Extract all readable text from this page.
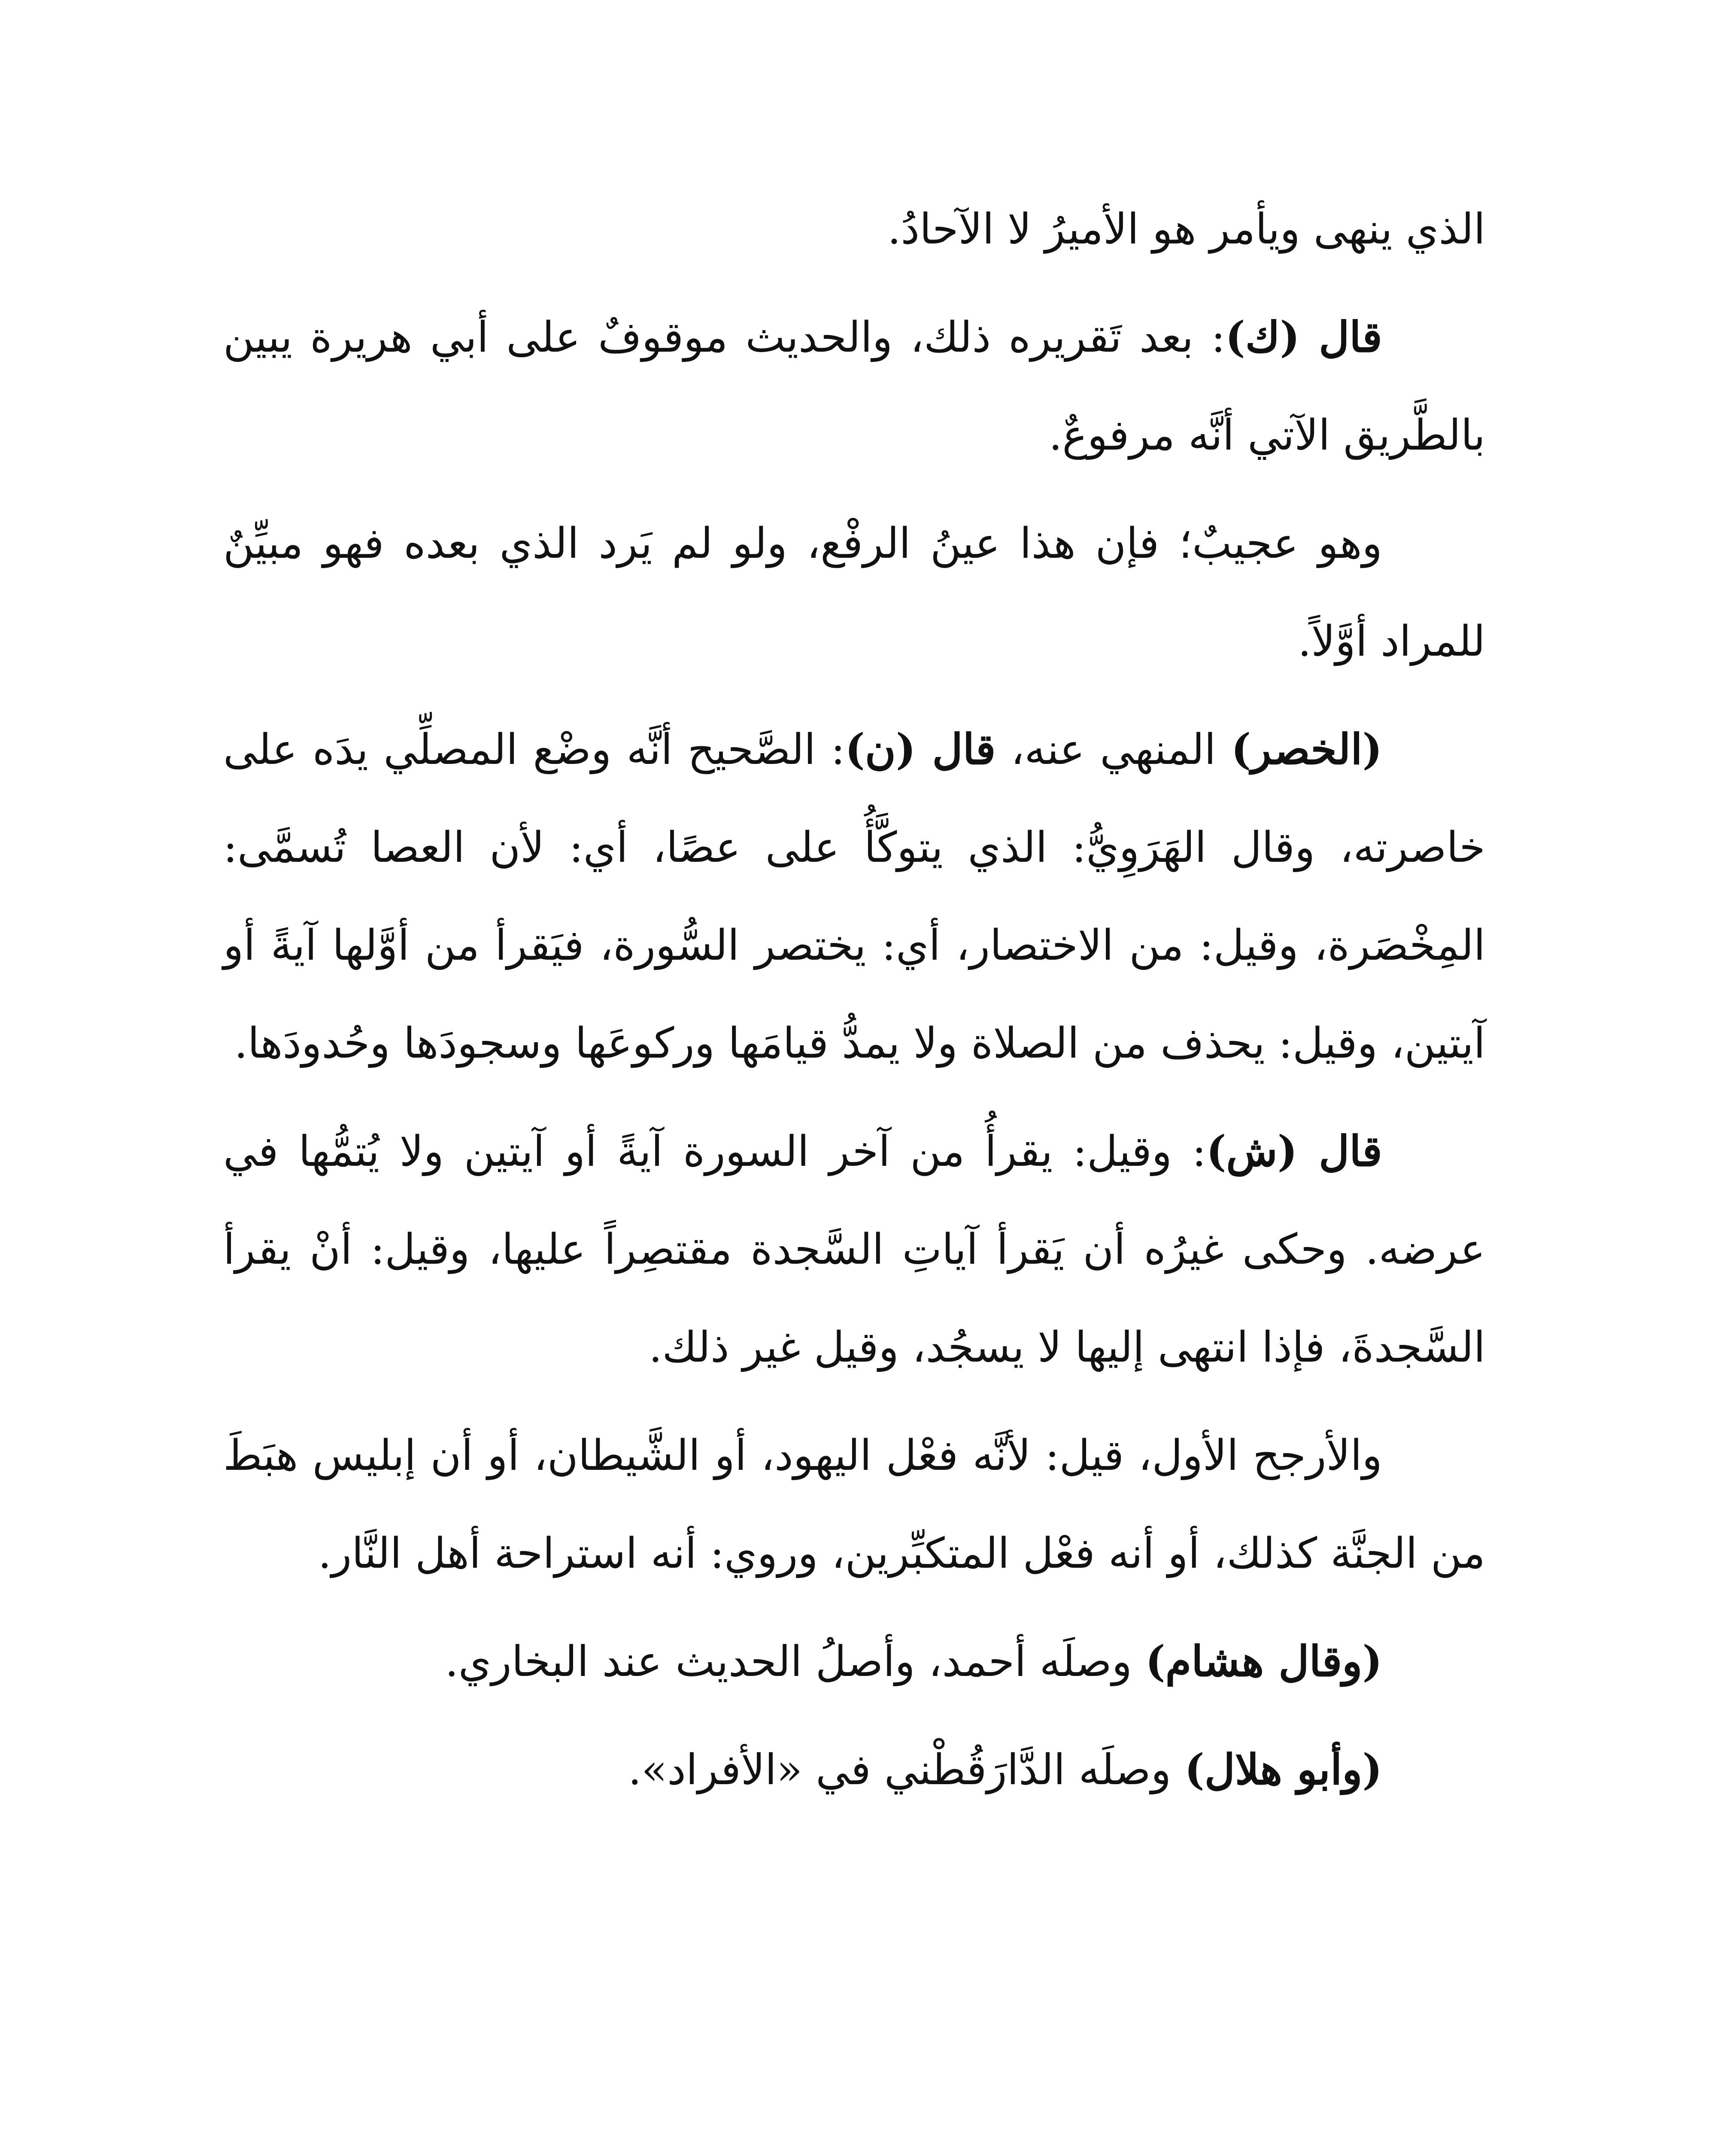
الذي ينهى ويأمر هو الأميرُ لا الآحادُ.

قال (ك): بعد تَقريره ذلك، والحديث موقوفٌ على أبي هريرة يبين بالطَّريق الآتي أنَّه مرفوعٌ.

وهو عجيبٌ؛ فإن هذا عينُ الرفْع، ولو لم يَرد الذي بعده فهو مبيِّنٌ للمراد أوَّلاً.

(الخصر) المنهي عنه، قال (ن): الصَّحيح أنَّه وضْع المصلِّي يدَه على خاصرته، وقال الهَرَوِيُّ: الذي يتوكَّأُ على عصًا، أي: لأن العصا تُسمَّى: المِخْصَرة، وقيل: من الاختصار، أي: يختصر السُّورة، فيَقرأ من أوَّلها آيةً أو آيتين، وقيل: يحذف من الصلاة ولا يمدُّ قيامَها وركوعَها وسجودَها وحُدودَها.

قال (ش): وقيل: يقرأُ من آخر السورة آيةً أو آيتين ولا يُتمُّها في عرضه. وحكى غيرُه أن يَقرأ آياتِ السَّجدة مقتصِراً عليها، وقيل: أنْ يقرأ السَّجدةَ، فإذا انتهى إليها لا يسجُد، وقيل غير ذلك.

والأرجح الأول، قيل: لأنَّه فعْل اليهود، أو الشَّيطان، أو أن إبليس هبَطَ من الجنَّة كذلك، أو أنه فعْل المتكبِّرين، وروي: أنه استراحة أهل النَّار.

(وقال هشام) وصلَه أحمد، وأصلُ الحديث عند البخاري.

(وأبو هلال) وصلَه الدَّارَقُطْني في «الأفراد».
